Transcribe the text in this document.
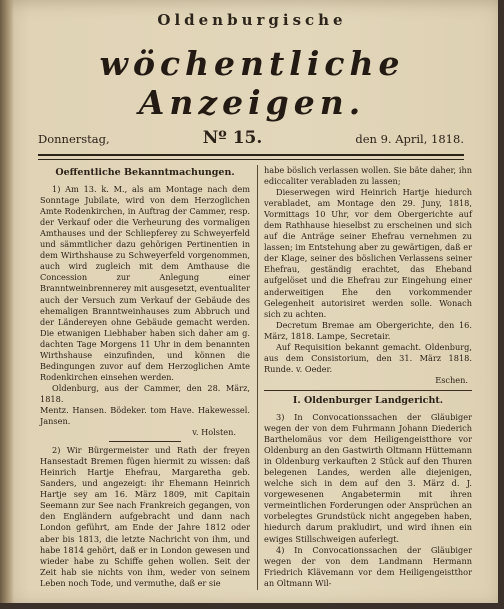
Oldenburgische
wöchentliche Anzeigen.
Donnerstag,	Nº 15.	den 9. April, 1818.
Oeffentliche Bekanntmachungen.

1) Am 13. k. M., als am Montage nach dem Sonntage Jubilate, wird von dem Herzoglichen Amte Rodenkirchen, in Auftrag der Cammer, resp. der Verkauf oder die Verheurung des vormaligen Amthauses und der Schliepferey zu Schweyerfeld und sämmtlicher dazu gehörigen Pertinentien in dem Wirthshause zu Schweyerfeld vorgenommen, auch wird zugleich mit dem Amthause die Concession zur Anlegung einer Branntweinbrennerey mit ausgesetzt, eventualiter auch der Versuch zum Verkauf der Gebäude des ehemaligen Branntweinhauses zum Abbruch und der Ländereyen ohne Gebäude gemacht werden. Die etwanigen Liebhaber haben sich daher am g. dachten Tage Morgens 11 Uhr in dem benannten Wirthshause einzufinden, und können die Bedingungen zuvor auf dem Herzoglichen Amte Rodenkirchen einsehen werden.

Oldenburg, aus der Cammer, den 28. März, 1818.

Mentz. Hansen. Bödeker. tom Have. Hakewessel. Jansen.

v. Holsten.

2) Wir Bürgermeister und Rath der freyen Hansestadt Bremen fügen hiermit zu wissen: daß Heinrich Hartje Ehefrau, Margaretha geb. Sanders, und angezeigt: ihr Ehemann Heinrich Hartje sey am 16. März 1809, mit Capitain Seemann zur See nach Frankreich gegangen, von den Engländern aufgebracht und dann nach London geführt, am Ende der Jahre 1812 oder aber bis 1813, die letzte Nachricht von ihm, und habe 1814 gehört, daß er in London gewesen und wieder habe zu Schiffe gehen wollen. Seit der Zeit hab sie nichts von ihm, weder von seinem Leben noch Tode, und vermuthe, daß er sie

habe böslich verlassen wollen. Sie bäte daher, ihn ediccaliter verabladen zu lassen;

Dieserwegen wird Heinrich Hartje hiedurch verabladet, am Montage den 29. Juny, 1818, Vormittags 10 Uhr, vor dem Obergerichte auf dem Rathhause hieselbst zu erscheinen und sich auf die Anträge seiner Ehefrau vernehmen zu lassen; im Entstehung aber zu gewärtigen, daß er der Klage, seiner des böslichen Verlassens seiner Ehefrau, geständig erachtet, das Eheband aufgelöset und die Ehefrau zur Eingehung einer anderweitigen Ehe den vorkommender Gelegenheit autorisiret werden solle. Wonach sich zu achten.

Decretum Bremae am Obergerichte, den 16. März, 1818. Lampe, Secretair.

Auf Requisition bekannt gemacht. Oldenburg, aus dem Consistorium, den 31. März 1818. Runde. v. Oeder.

Eschen.

I. Oldenburger Landgericht.

3) In Convocationssachen der Gläubiger wegen der von dem Fuhrmann Johann Diederich Barthelomäus vor dem Heiligengeistthore vor Oldenburg an den Gastwirth Oltmann Hüttemann in Oldenburg verkauften 2 Stück auf den Thuren belegenen Landes, werden alle diejenigen, welche sich in dem auf den 3. März d. J. vorgewesenen Angabetermin mit ihren vermeintlichen Forderungen oder Ansprüchen an vorbelegtes Grundstück nicht angegeben haben, hiedurch darum prakludirt, und wird ihnen ein ewiges Stillschweigen auferlegt.

4) In Convocationssachen der Gläubiger wegen der von dem Landmann Hermann Friedrich Klävemann vor dem Heiligengeistthor an Oltmann Wil-
